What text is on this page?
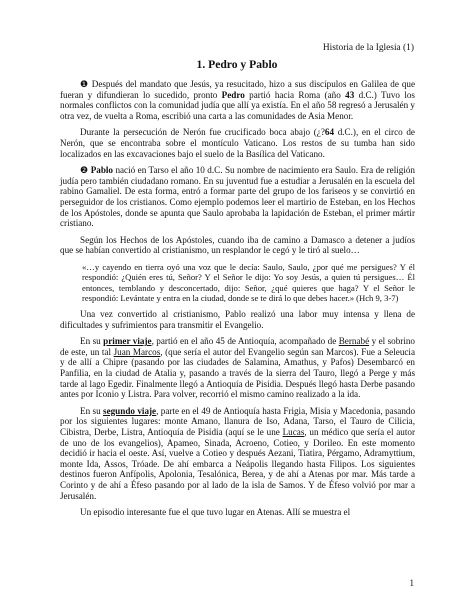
Historia de la Iglesia (1)
1. Pedro y Pablo

❶ Después del mandato que Jesús, ya resucitado, hizo a sus discípulos en Galilea de que fueran y difundieran lo sucedido, pronto Pedro partió hacia Roma (año 43 d.C.) Tuvo los normales conflictos con la comunidad judía que allí ya existía. En el año 58 regresó a Jerusalén y otra vez, de vuelta a Roma, escribió una carta a las comunidades de Asia Menor.

Durante la persecución de Nerón fue crucificado boca abajo (¿?64 d.C.), en el circo de Nerón, que se encontraba sobre el montículo Vaticano. Los restos de su tumba han sido localizados en las excavaciones bajo el suelo de la Basílica del Vaticano.

❷ Pablo nació en Tarso el año 10 d.C. Su nombre de nacimiento era Saulo. Era de religión judía pero también ciudadano romano. En su juventud fue a estudiar a Jerusalén en la escuela del rabino Gamaliel. De esta forma, entró a formar parte del grupo de los fariseos y se convirtió en perseguidor de los cristianos. Como ejemplo podemos leer el martirio de Esteban, en los Hechos de los Apóstoles, donde se apunta que Saulo aprobaba la lapidación de Esteban, el primer mártir cristiano.

Según los Hechos de los Apóstoles, cuando iba de camino a Damasco a detener a judíos que se habían convertido al cristianismo, un resplandor le cegó y le tiró al suelo…

«…y cayendo en tierra oyó una voz que le decía: Saulo, Saulo, ¿por qué me persigues? Y él respondió: ¿Quién eres tú, Señor? Y el Señor le dijo: Yo soy Jesús, a quien tú persigues… Él entonces, temblando y desconcertado, dijo: Señor, ¿qué quieres que haga? Y el Señor le respondió: Levántate y entra en la ciudad, donde se te dirá lo que debes hacer.» (Hch 9, 3-7)

Una vez convertido al cristianismo, Pablo realizó una labor muy intensa y llena de dificultades y sufrimientos para transmitir el Evangelio.

En su primer viaje, partió en el año 45 de Antioquía, acompañado de Bernabé y el sobrino de este, un tal Juan Marcos, (que sería el autor del Evangelio según san Marcos). Fue a Seleucia y de allí a Chipre (pasando por las ciudades de Salamina, Amathus, y Pafos) Desembarcó en Panfilia, en la ciudad de Atalia y, pasando a través de la sierra del Tauro, llegó a Perge y más tarde al lago Egedir. Finalmente llegó a Antioquía de Pisidia. Después llegó hasta Derbe pasando antes por Iconio y Listra. Para volver, recorrió el mismo camino realizado a la ida.

En su segundo viaje, parte en el 49 de Antioquía hasta Frigia, Misia y Macedonia, pasando por los siguientes lugares: monte Amano, llanura de Iso, Adana, Tarso, el Tauro de Cilicia, Cibistra, Derbe, Listra, Antioquía de Pisidia (aquí se le une Lucas, un médico que sería el autor de uno de los evangelios), Apameo, Sinada, Acroeno, Cotieo, y Dorileo. En este momento decidió ir hacia el oeste. Así, vuelve a Cotieo y después Aezani, Tiatira, Pérgamo, Adramyttium, monte Ida, Assos, Tróade. De ahí embarca a Neápolis llegando hasta Filipos. Los siguientes destinos fueron Anfípolis, Apolonia, Tesalónica, Berea, y de ahí a Atenas por mar. Más tarde a Corinto y de ahí a Éfeso pasando por al lado de la isla de Samos. Y de Éfeso volvió por mar a Jerusalén.

Un episodio interesante fue el que tuvo lugar en Atenas. Allí se muestra el

1
